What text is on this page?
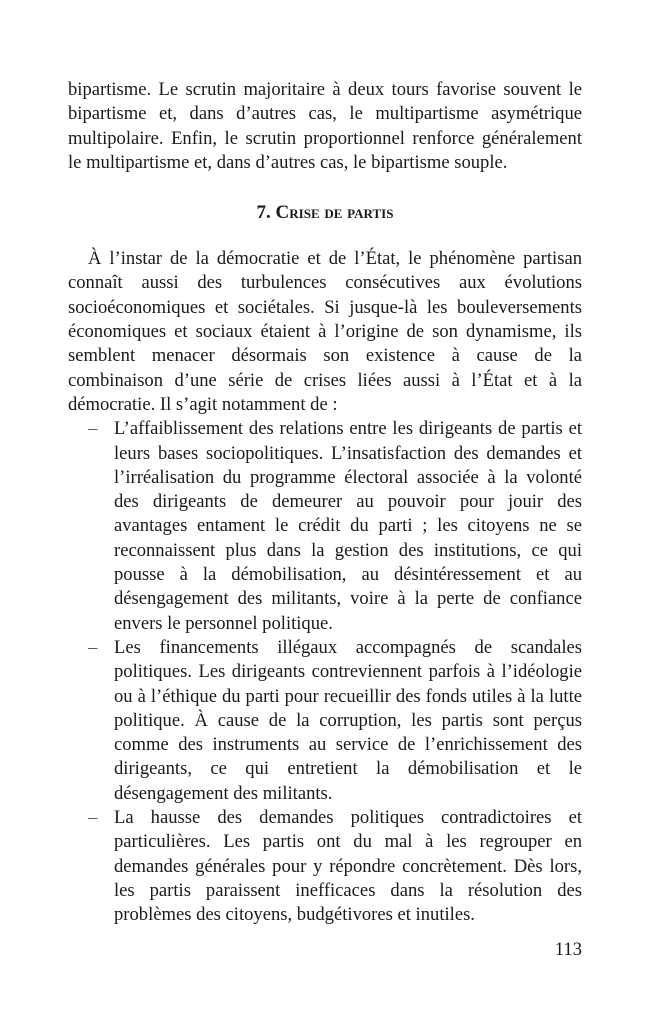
bipartisme. Le scrutin majoritaire à deux tours favorise souvent le bipartisme et, dans d’autres cas, le multipartisme asymétrique multipolaire. Enfin, le scrutin proportionnel renforce généralement le multipartisme et, dans d’autres cas, le bipartisme souple.

7. Crise de partis

À l’instar de la démocratie et de l’État, le phénomène partisan connaît aussi des turbulences consécutives aux évolutions socioéconomiques et sociétales. Si jusque-là les bouleversements économiques et sociaux étaient à l’origine de son dynamisme, ils semblent menacer désormais son existence à cause de la combinaison d’une série de crises liées aussi à l’État et à la démocratie. Il s’agit notamment de :

– L’affaiblissement des relations entre les dirigeants de partis et leurs bases sociopolitiques. L’insatisfaction des demandes et l’irréalisation du programme électoral associée à la volonté des dirigeants de demeurer au pouvoir pour jouir des avantages entament le crédit du parti ; les citoyens ne se reconnaissent plus dans la gestion des institutions, ce qui pousse à la démobilisation, au désintéressement et au désengagement des militants, voire à la perte de confiance envers le personnel politique.
– Les financements illégaux accompagnés de scandales politiques. Les dirigeants contreviennent parfois à l’idéologie ou à l’éthique du parti pour recueillir des fonds utiles à la lutte politique. À cause de la corruption, les partis sont perçus comme des instruments au service de l’enrichissement des dirigeants, ce qui entretient la démobilisation et le désengagement des militants.
– La hausse des demandes politiques contradictoires et particulières. Les partis ont du mal à les regrouper en demandes générales pour y répondre concrètement. Dès lors, les partis paraissent inefficaces dans la résolution des problèmes des citoyens, budgétivores et inutiles.
113
